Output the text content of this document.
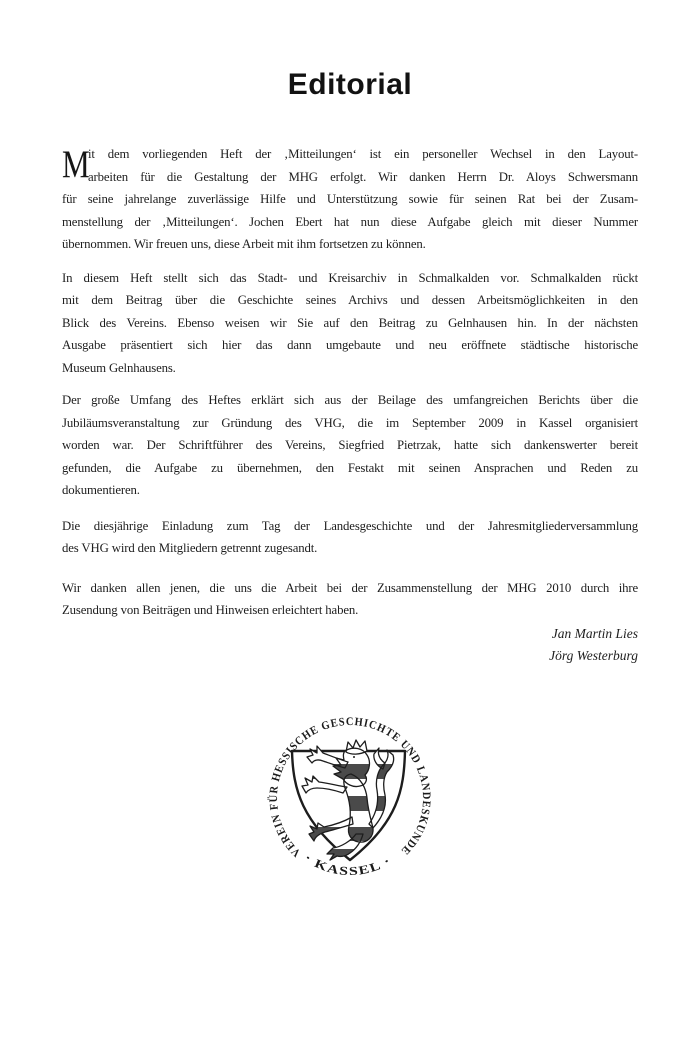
Editorial
M
it dem vorliegenden Heft der ‚Mitteilungen‘ ist ein personeller Wechsel in den Layout-
arbeiten für die Gestaltung der MHG erfolgt. Wir danken Herrn Dr. Aloys Schwersmann
für seine jahrelange zuverlässige Hilfe und Unterstützung sowie für seinen Rat bei der Zusam-
menstellung der ‚Mitteilungen‘. Jochen Ebert hat nun diese Aufgabe gleich mit dieser Nummer
übernommen. Wir freuen uns, diese Arbeit mit ihm fortsetzen zu können.
In diesem Heft stellt sich das Stadt- und Kreisarchiv in Schmalkalden vor. Schmalkalden rückt
mit dem Beitrag über die Geschichte seines Archivs und dessen Arbeitsmöglichkeiten in den
Blick des Vereins. Ebenso weisen wir Sie auf den Beitrag zu Gelnhausen hin. In der nächsten
Ausgabe präsentiert sich hier das dann umgebaute und neu eröffnete städtische historische
Museum Gelnhausens.
Der große Umfang des Heftes erklärt sich aus der Beilage des umfangreichen Berichts über die
Jubiläumsveranstaltung zur Gründung des VHG, die im September 2009 in Kassel organisiert
worden war. Der Schriftführer des Vereins, Siegfried Pietrzak, hatte sich dankenswerter bereit
gefunden, die Aufgabe zu übernehmen, den Festakt mit seinen Ansprachen und Reden zu
dokumentieren.
Die diesjährige Einladung zum Tag der Landesgeschichte und der Jahresmitgliederversammlung
des VHG wird den Mitgliedern getrennt zugesandt.
Wir danken allen jenen, die uns die Arbeit bei der Zusammenstellung der MHG 2010 durch ihre
Zusendung von Beiträgen und Hinweisen erleichtert haben.
Jan Martin Lies
Jörg Westerburg
VEREIN FÜR HESSISCHE GESCHICHTE UND LANDESKUNDE
· KASSEL ·
